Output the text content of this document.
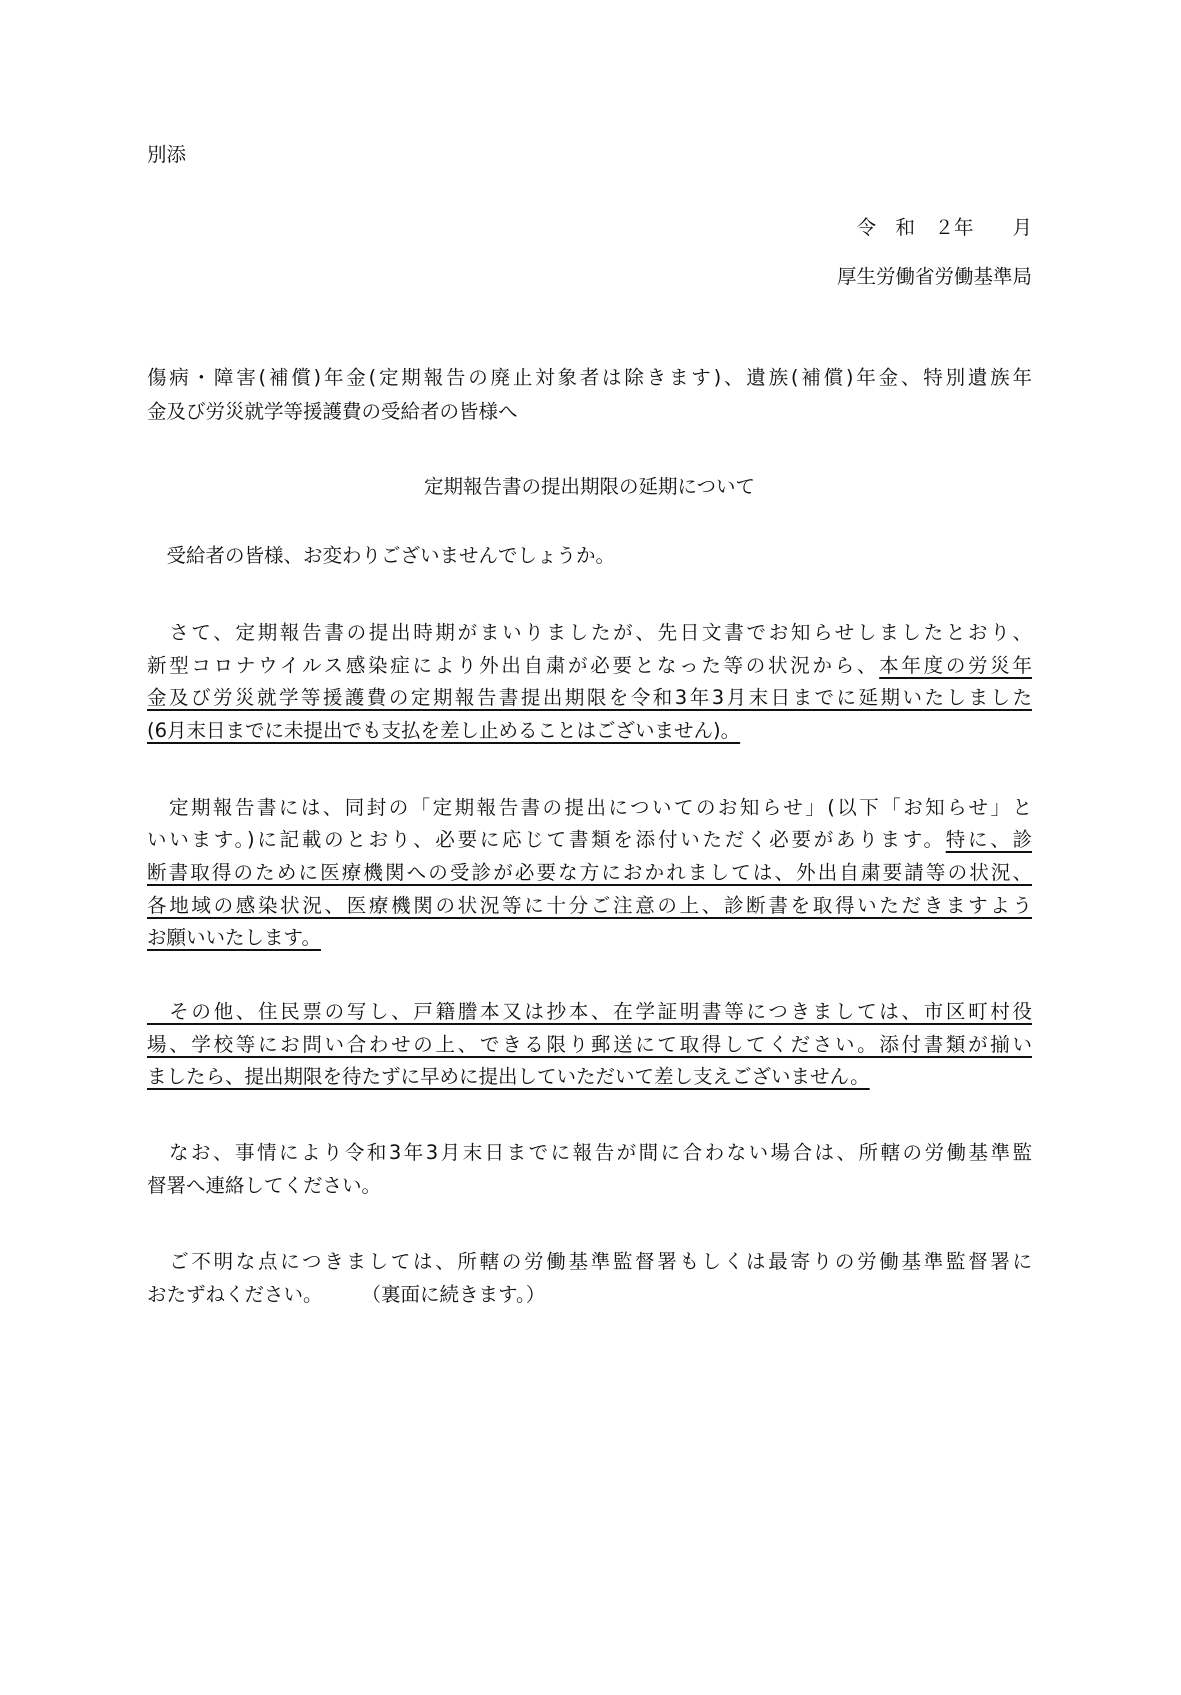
別添
令　和　２年　　月
厚生労働省労働基準局
傷病・障害(補償)年金(定期報告の廃止対象者は除きます)、遺族(補償)年金、特別遺族年
金及び労災就学等援護費の受給者の皆様へ
定期報告書の提出期限の延期について
　受給者の皆様、お変わりございませんでしょうか。
　さて、定期報告書の提出時期がまいりましたが、先日文書でお知らせしましたとおり、
新型コロナウイルス感染症により外出自粛が必要となった等の状況から、本年度の労災年
金及び労災就学等援護費の定期報告書提出期限を令和3年3月末日までに延期いたしました
(6月末日までに未提出でも支払を差し止めることはございません)。
　定期報告書には、同封の「定期報告書の提出についてのお知らせ」(以下「お知らせ」と
いいます。)に記載のとおり、必要に応じて書類を添付いただく必要があります。特に、診
断書取得のために医療機関への受診が必要な方におかれましては、外出自粛要請等の状況、
各地域の感染状況、医療機関の状況等に十分ご注意の上、診断書を取得いただきますよう
お願いいたします。
　その他、住民票の写し、戸籍謄本又は抄本、在学証明書等につきましては、市区町村役
場、学校等にお問い合わせの上、できる限り郵送にて取得してください。添付書類が揃い
ましたら、提出期限を待たずに早めに提出していただいて差し支えございません。
　なお、事情により令和3年3月末日までに報告が間に合わない場合は、所轄の労働基準監
督署へ連絡してください。
　ご不明な点につきましては、所轄の労働基準監督署もしくは最寄りの労働基準監督署に
おたずねください。　　　（裏面に続きます。）
